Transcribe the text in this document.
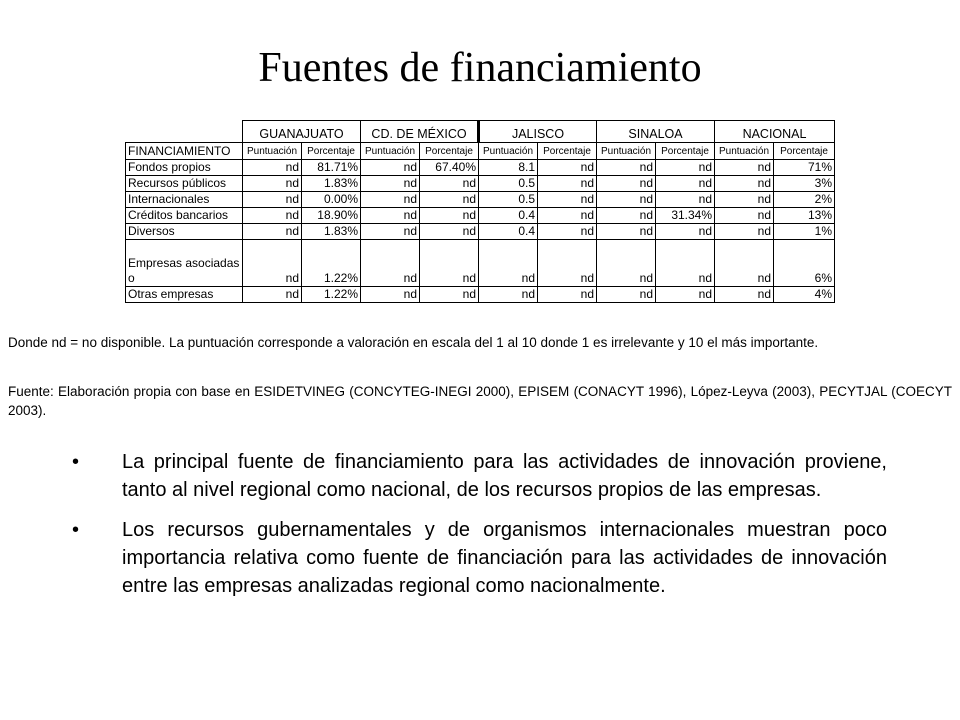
Fuentes de financiamiento
	GUANAJUATO		CD. DE MÉXICO		JALISCO		SINALOA		NACIONAL	
FINANCIAMIENTO	Puntuación	Porcentaje	Puntuación	Porcentaje	Puntuación	Porcentaje	Puntuación	Porcentaje	Puntuación	Porcentaje
Fondos propios	nd	81.71%	nd	67.40%	8.1	nd	nd	nd	nd	71%
Recursos públicos	nd	1.83%	nd	nd	0.5	nd	nd	nd	nd	3%
Internacionales	nd	0.00%	nd	nd	0.5	nd	nd	nd	nd	2%
Créditos bancarios	nd	18.90%	nd	nd	0.4	nd	nd	31.34%	nd	13%
Diversos	nd	1.83%	nd	nd	0.4	nd	nd	nd	nd	1%
Empresas asociadas o	nd	1.22%	nd	nd	nd	nd	nd	nd	nd	6%
Otras empresas	nd	1.22%	nd	nd	nd	nd	nd	nd	nd	4%
Donde nd = no disponible. La puntuación corresponde a valoración en escala del 1 al 10 donde 1 es irrelevante y 10 el más importante.
Fuente: Elaboración propia con base en ESIDETVINEG (CONCYTEG-INEGI 2000), EPISEM (CONACYT 1996), López-Leyva (2003), PECYTJAL (COECYT 2003).
•	La principal fuente de financiamiento para las actividades de innovación proviene, tanto al nivel regional como nacional, de los recursos propios de las empresas.
•	Los recursos gubernamentales y de organismos internacionales muestran poco importancia relativa como fuente de financiación para las actividades de innovación entre las empresas analizadas regional como nacionalmente.
